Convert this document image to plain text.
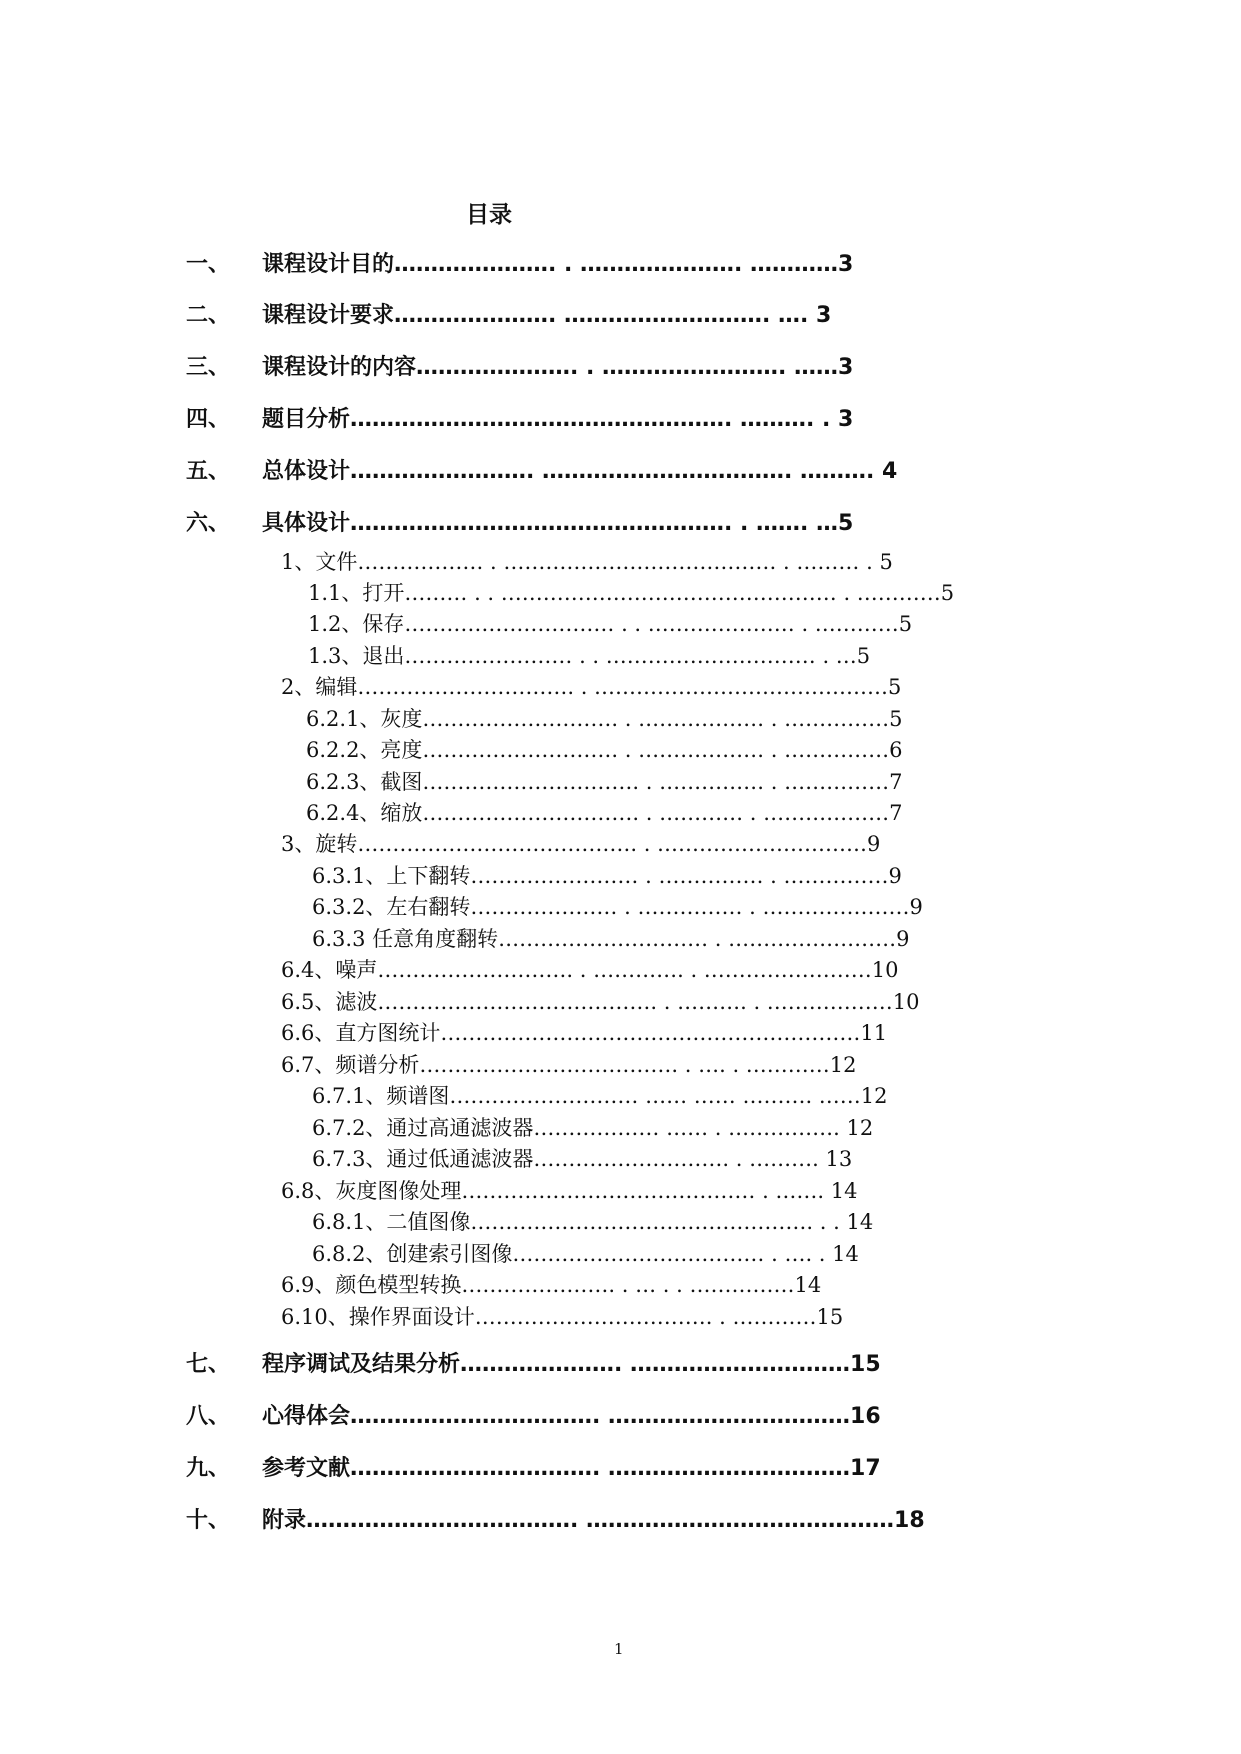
目录
一、 课程设计目的…………………. . …………………. …………3
二、 课程设计要求…………………. ………………………. …. 3
三、 课程设计的内容…………………. . ……………………. ……3
四、 题目分析……………………………………………. ………. . 3
五、 总体设计……………………. ……………………………. ………. 4
六、 具体设计……………………………………………. . ……. …5
1、文件……………… . ………………………………… . ……… . 5
1.1、打开……… . . ………………………………………… . …………5
1.2、保存………………………… . . ………………… . …………5
1.3、退出…………………… . . ………………………… . …5
2、编辑…………………………. . ……………………………………5
6.2.1、灰度………………………. . ……………… . ……………5
6.2.2、亮度………………………. . ……………… . ……………6
6.2.3、截图…………………………. . …………… . ……………7
6.2.4、缩放…………………………. . ………… . ………………7
3、旋转…………………………………. . …………………………9
6.3.1、上下翻转…………………… . …………… . ……………9
6.3.2、左右翻转………………… . …………… . …………………9
6.3.3 任意角度翻转………………………… . ……………………9
6.4、噪声………………………. . …………. . ……………………10
6.5、滤波…………………………………. . ………. . ………………10
6.6、直方图统计……………………………………………………11
6.7、频谱分析………………………………. . …. . …………12
6.7.1、频谱图……………………… …… …… ………. ……12
6.7.2、通过高通滤波器……………… …… . ……………. 12
6.7.3、通过低通滤波器………………………. . ………. 13
6.8、灰度图像处理…………………………………… . ……. 14
6.8.1、二值图像…………………………………………. . . 14
6.8.2、创建索引图像……………………………… . …. . 14
6.9、颜色模型转换…………………. . … . . ……………14
6.10、操作界面设计……………………………. . …………15
七、 程序调试及结果分析…………………. …………………………15
八、 心得体会……………………………. ……………………………16
九、 参考文献……………………………. ……………………………17
十、 附录………………………………. ……………………………………18
1
